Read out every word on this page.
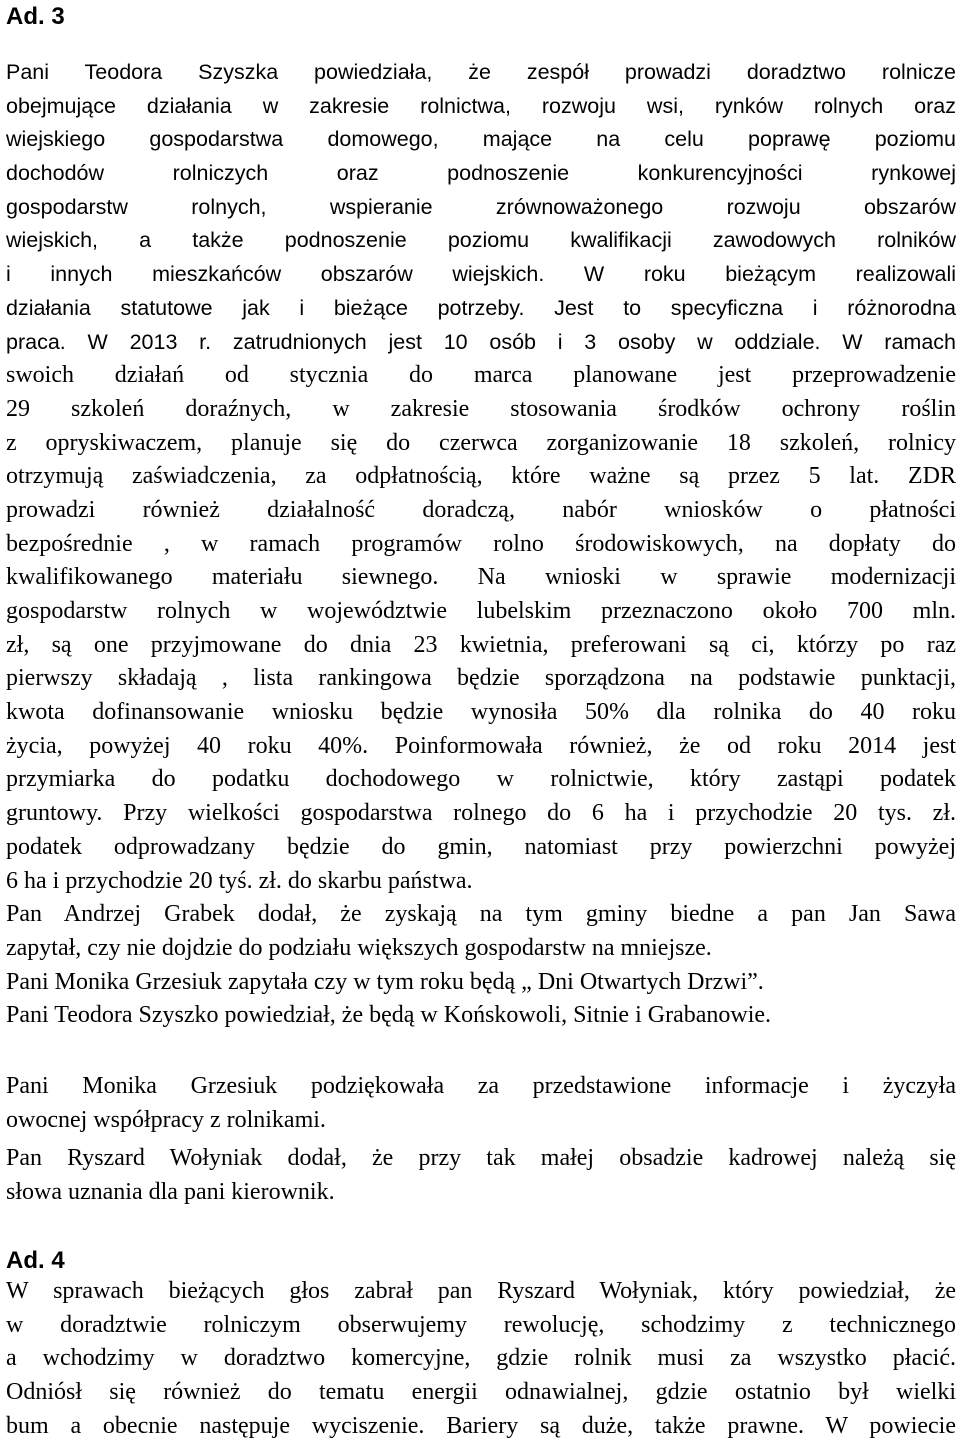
Ad. 3
Pani Teodora Szyszka powiedziała, że zespół prowadzi doradztwo rolnicze
obejmujące działania w zakresie rolnictwa, rozwoju wsi, rynków rolnych oraz
wiejskiego gospodarstwa domowego, mające na celu poprawę poziomu
dochodów rolniczych oraz podnoszenie konkurencyjności rynkowej
gospodarstw rolnych, wspieranie zrównoważonego rozwoju obszarów
wiejskich, a także podnoszenie poziomu kwalifikacji zawodowych rolników
i innych mieszkańców obszarów wiejskich. W roku bieżącym realizowali
działania statutowe jak i bieżące potrzeby. Jest to specyficzna i różnorodna
praca. W 2013 r. zatrudnionych jest 10 osób i 3 osoby w oddziale. W ramach
swoich działań od stycznia do marca planowane jest przeprowadzenie
29 szkoleń doraźnych, w zakresie stosowania środków ochrony roślin
z opryskiwaczem, planuje się do czerwca zorganizowanie 18 szkoleń, rolnicy
otrzymują zaświadczenia, za odpłatnością, które ważne są przez 5 lat. ZDR
prowadzi również działalność doradczą, nabór wniosków o płatności
bezpośrednie , w ramach programów rolno środowiskowych, na dopłaty do
kwalifikowanego materiału siewnego. Na wnioski w sprawie modernizacji
gospodarstw rolnych w województwie lubelskim przeznaczono około 700 mln.
zł, są one przyjmowane do dnia 23 kwietnia, preferowani są ci, którzy po raz
pierwszy składają , lista rankingowa będzie sporządzona na podstawie punktacji,
kwota dofinansowanie wniosku będzie wynosiła 50% dla rolnika do 40 roku
życia, powyżej 40 roku 40%. Poinformowała również, że od roku 2014 jest
przymiarka do podatku dochodowego w rolnictwie, który zastąpi podatek
gruntowy. Przy wielkości gospodarstwa rolnego do 6 ha i przychodzie 20 tys. zł.
podatek odprowadzany będzie do gmin, natomiast przy powierzchni powyżej
6 ha i przychodzie 20 tyś. zł. do skarbu państwa.
Pan Andrzej Grabek dodał, że zyskają na tym gminy biedne a pan Jan Sawa
zapytał, czy nie dojdzie do podziału większych gospodarstw na mniejsze.
Pani Monika Grzesiuk zapytała czy w tym roku będą „ Dni Otwartych Drzwi”.
Pani Teodora Szyszko powiedział, że będą w Końskowoli, Sitnie i Grabanowie.
Pani Monika Grzesiuk podziękowała za przedstawione informacje i życzyła
owocnej współpracy z rolnikami.
Pan Ryszard Wołyniak dodał, że przy tak małej obsadzie kadrowej należą się
słowa uznania dla pani kierownik.
Ad. 4
W sprawach bieżących głos zabrał pan Ryszard Wołyniak, który powiedział, że
w doradztwie rolniczym obserwujemy rewolucję, schodzimy z technicznego
a wchodzimy w doradztwo komercyjne, gdzie rolnik musi za wszystko płacić.
Odniósł się również do tematu energii odnawialnej, gdzie ostatnio był wielki
bum a obecnie następuje wyciszenie. Bariery są duże, także prawne. W powiecie
